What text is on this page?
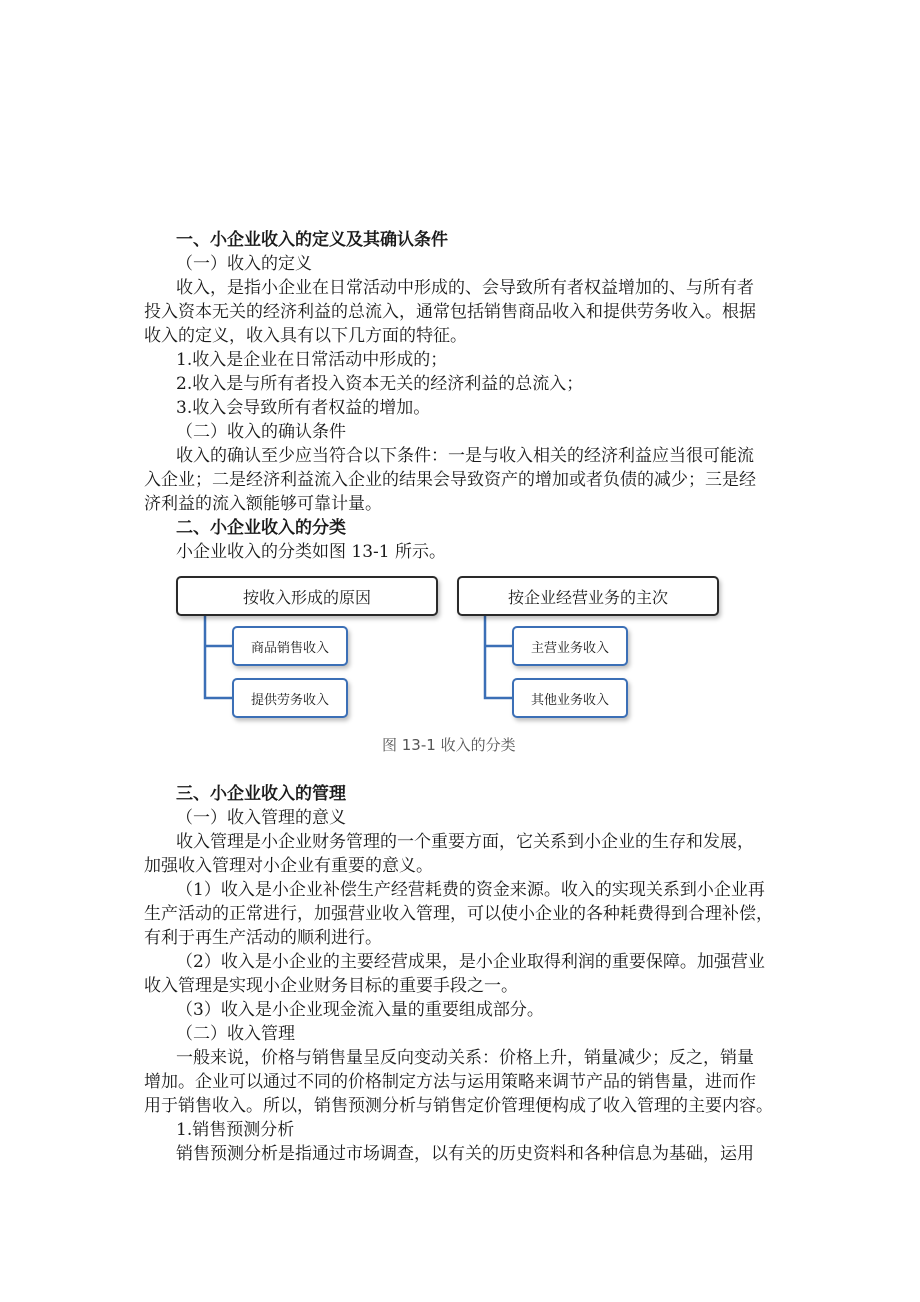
一、小企业收入的定义及其确认条件
（一）收入的定义
收入，是指小企业在日常活动中形成的、会导致所有者权益增加的、与所有者
投入资本无关的经济利益的总流入，通常包括销售商品收入和提供劳务收入。根据
收入的定义，收入具有以下几方面的特征。
1.收入是企业在日常活动中形成的；
2.收入是与所有者投入资本无关的经济利益的总流入；
3.收入会导致所有者权益的增加。
（二）收入的确认条件
收入的确认至少应当符合以下条件：一是与收入相关的经济利益应当很可能流
入企业；二是经济利益流入企业的结果会导致资产的增加或者负债的减少；三是经
济利益的流入额能够可靠计量。
二、小企业收入的分类
小企业收入的分类如图 13-1 所示。
按收入形成的原因	按企业经营业务的主次
商品销售收入
提供劳务收入
主营业务收入
其他业务收入
图 13-1 收入的分类
三、小企业收入的管理
（一）收入管理的意义
收入管理是小企业财务管理的一个重要方面，它关系到小企业的生存和发展，
加强收入管理对小企业有重要的意义。
（1）收入是小企业补偿生产经营耗费的资金来源。收入的实现关系到小企业再
生产活动的正常进行，加强营业收入管理，可以使小企业的各种耗费得到合理补偿，
有利于再生产活动的顺利进行。
（2）收入是小企业的主要经营成果，是小企业取得利润的重要保障。加强营业
收入管理是实现小企业财务目标的重要手段之一。
（3）收入是小企业现金流入量的重要组成部分。
（二）收入管理
一般来说，价格与销售量呈反向变动关系：价格上升，销量减少；反之，销量
增加。企业可以通过不同的价格制定方法与运用策略来调节产品的销售量，进而作
用于销售收入。所以，销售预测分析与销售定价管理便构成了收入管理的主要内容。
1.销售预测分析
销售预测分析是指通过市场调查，以有关的历史资料和各种信息为基础，运用
